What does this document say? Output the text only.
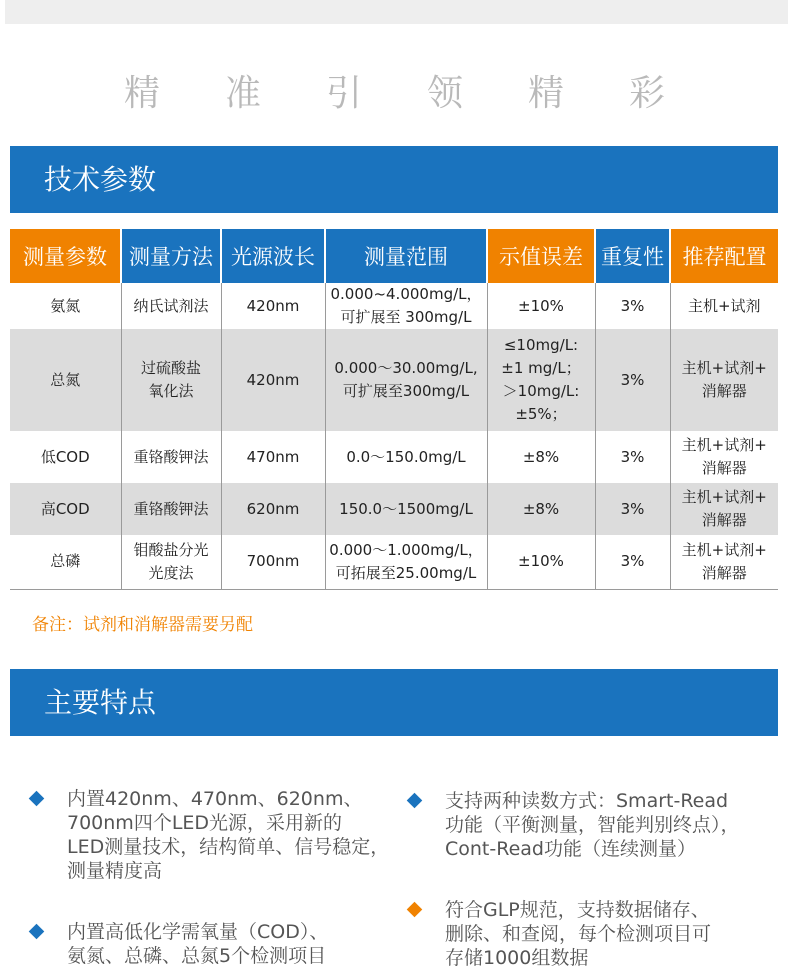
精 准 引 领 精 彩
技术参数
测量参数	测量方法	光源波长	测量范围	示值误差	重复性	推荐配置

氨氮	纳氏试剂法	420nm	0.000~4.000mg/L，
可扩展至 300mg/L	±10%	3%	主机+试剂

总氮	过硫酸盐
氧化法	420nm	0.000～30.00mg/L,
可扩展至300mg/L	≤10mg/L:
±1 mg/L；
＞10mg/L:
±5%；	3%	主机+试剂+
消解器

低COD	重铬酸钾法	470nm	0.0～150.0mg/L	±8%	3%	主机+试剂+
消解器

高COD	重铬酸钾法	620nm	150.0～1500mg/L	±8%	3%	主机+试剂+
消解器

总磷	钼酸盐分光
光度法	700nm	0.000～1.000mg/L，
可拓展至25.00mg/L	±10%	3%	主机+试剂+
消解器
备注：试剂和消解器需要另配
主要特点
内置420nm、470nm、620nm、
700nm四个LED光源，采用新的
LED测量技术，结构简单、信号稳定，
测量精度高
支持两种读数方式：Smart-Read
功能（平衡测量，智能判别终点），
Cont-Read功能（连续测量）
内置高低化学需氧量（COD）、
氨氮、总磷、总氮5个检测项目
符合GLP规范，支持数据储存、
删除、和查阅，每个检测项目可
存储1000组数据
